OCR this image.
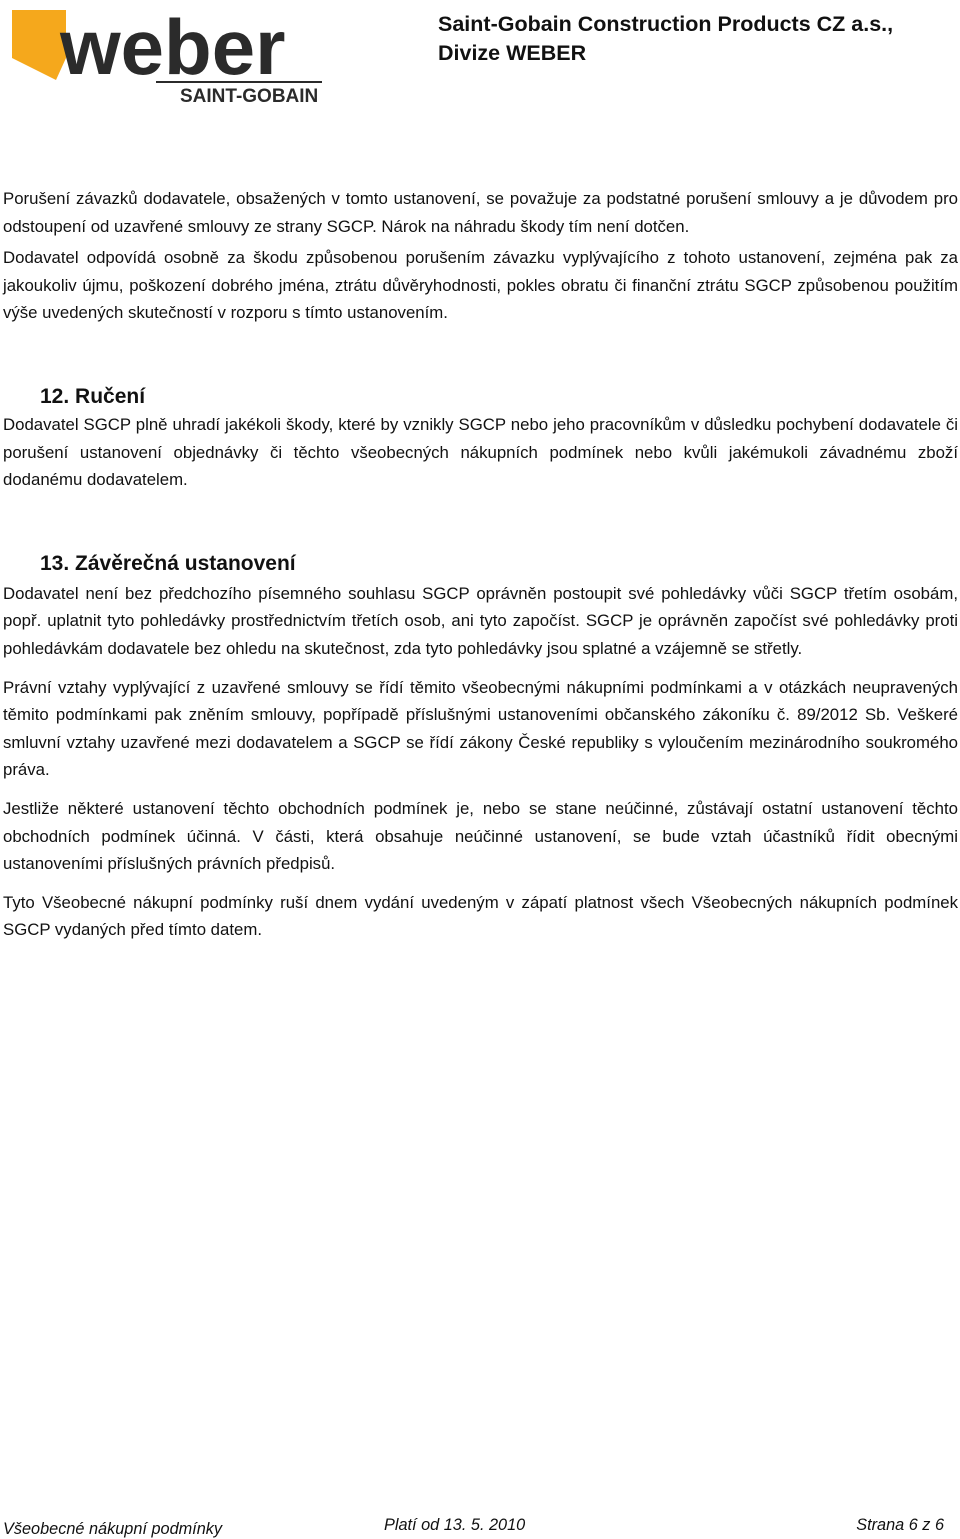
weber
SAINT-GOBAIN
Saint-Gobain Construction Products CZ a.s.,
Divize WEBER

Porušení závazků dodavatele, obsažených v tomto ustanovení, se považuje za podstatné porušení smlouvy a je důvodem pro odstoupení od uzavřené smlouvy ze strany SGCP. Nárok na náhradu škody tím není dotčen.

Dodavatel odpovídá osobně za škodu způsobenou porušením závazku vyplývajícího z tohoto ustanovení, zejména pak za jakoukoliv újmu, poškození dobrého jména, ztrátu důvěryhodnosti, pokles obratu či finanční ztrátu SGCP způsobenou použitím výše uvedených skutečností v rozporu s tímto ustanovením.

12. Ručení

Dodavatel SGCP plně uhradí jakékoli škody, které by vznikly SGCP nebo jeho pracovníkům v důsledku pochybení dodavatele či porušení ustanovení objednávky či těchto všeobecných nákupních podmínek nebo kvůli jakémukoli závadnému zboží dodanému dodavatelem.

13. Závěrečná ustanovení

Dodavatel není bez předchozího písemného souhlasu SGCP oprávněn postoupit své pohledávky vůči SGCP třetím osobám, popř. uplatnit tyto pohledávky prostřednictvím třetích osob, ani tyto započíst. SGCP je oprávněn započíst své pohledávky proti pohledávkám dodavatele bez ohledu na skutečnost, zda tyto pohledávky jsou splatné a vzájemně se střetly.

Právní vztahy vyplývající z uzavřené smlouvy se řídí těmito všeobecnými nákupními podmínkami a v otázkách neupravených těmito podmínkami pak zněním smlouvy, popřípadě příslušnými ustanoveními občanského zákoníku č. 89/2012 Sb. Veškeré smluvní vztahy uzavřené mezi dodavatelem a SGCP se řídí zákony České republiky s vyloučením mezinárodního soukromého práva.

Jestliže některé ustanovení těchto obchodních podmínek je, nebo se stane neúčinné, zůstávají ostatní ustanovení těchto obchodních podmínek účinná. V části, která obsahuje neúčinné ustanovení, se bude vztah účastníků řídit obecnými ustanoveními příslušných právních předpisů.

Tyto Všeobecné nákupní podmínky ruší dnem vydání uvedeným v zápatí platnost všech Všeobecných nákupních podmínek SGCP vydaných před tímto datem.

Všeobecné nákupní podmínky	Platí od 13. 5. 2010	Strana 6 z 6
